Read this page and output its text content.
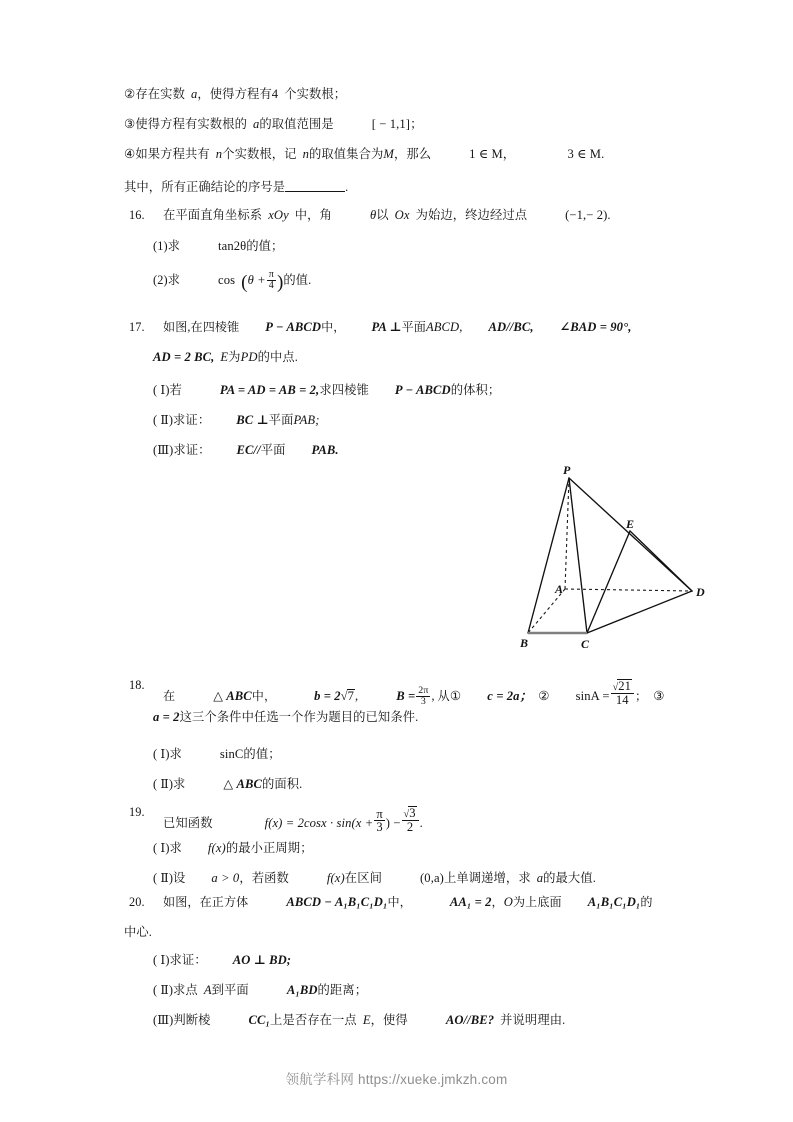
②存在实数 a，使得方程有4 个实数根；
③使得方程有实数根的 a的取值范围是	[ − 1,1]；
④如果方程共有 n个实数根，记 n的取值集合为M，那么	1 ∈ M，	3 ∈ M.
其中，所有正确结论的序号是	.
16. 在平面直角坐标系 xOy 中，角	θ以 Ox 为始边，终边经过点	(−1,− 2).
(1)求	tan2θ的值；
(2)求	$\cos (\theta + \frac{\pi}{4}$ )的值.
17. 如图,在四棱锥 P − ABCD中， PA ⊥平面ABCD, AD//BC, ∠BAD = 90°,
AD = 2 BC, E为PD的中点.
( Ⅰ)若	PA = AD = AB = 2,求四棱锥 P − ABCD的体积；
( Ⅱ)求证： BC ⊥平面PAB;
(Ⅲ)求证： EC//平面 PAB.
P
E
A	D
B	C
18.
在	△ ABC中，	b = 2√7,	$B = \frac{2\pi}{3}$ , 从① c = 2a； ② $\sin A = \frac{√21}{14}$ ； ③
a = 2这三个条件中任选一个作为题目的已知条件.
( Ⅰ)求	sinC的值；
( Ⅱ)求	△ ABC的面积.
19.
已知函数	$f(x) = 2\cos x \cdot \sin(x + \frac{\pi}{3}$ ) − $\frac{√3}{2}$ .
( Ⅰ)求 f(x)的最小正周期；
( Ⅱ)设 a > 0，若函数	f(x)在区间	(0,a)上单调递增，求 a的最大值.
20. 如图，在正方体	ABCD − A₁B₁C₁D₁中，	AA₁ = 2，O为上底面 A₁B₁C₁D₁的
中心.
( Ⅰ)求证： AO ⊥ BD;
( Ⅱ)求点 A到平面	A₁BD的距离；
(Ⅲ)判断棱	CC₁上是否存在一点 E，使得	AO//BE? 并说明理由.
领航学科网 https://xueke.jmkzh.com
